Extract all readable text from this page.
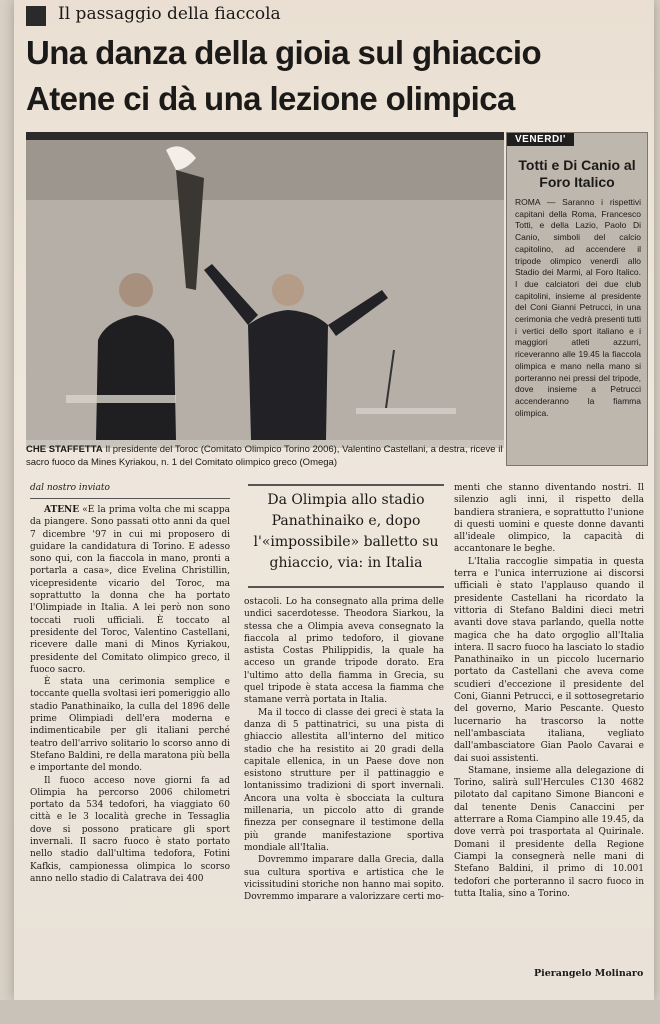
Il passaggio della fiaccola
Una danza della gioia sul ghiaccio
Atene ci dà una lezione olimpica
CHE STAFFETTA Il presidente del Toroc (Comitato Olimpico Torino 2006), Valentino Castellani, a destra, riceve il sacro fuoco da Mines Kyriakou, n. 1 del Comitato olimpico greco (Omega)
VENERDI'
Totti e Di Canio al Foro Italico
ROMA — Saranno i rispettivi capitani della Roma, Francesco Totti, e della Lazio, Paolo Di Canio, simboli del calcio capitolino, ad accendere il tripode olimpico venerdì allo Stadio dei Marmi, al Foro Italico. I due calciatori dei due club capitolini, insieme al presidente del Coni Gianni Petrucci, in una cerimonia che vedrà presenti tutti i vertici dello sport italiano e i maggiori atleti azzurri, riceveranno alle 19.45 la fiaccola olimpica e mano nella mano si porteranno nei pressi del tripode, dove insieme a Petrucci accenderanno la fiamma olimpica.
dal nostro inviato

ATENE «È la prima volta che mi scappa da piangere. Sono passati otto anni da quel 7 dicembre '97 in cui mi proposero di guidare la candidatura di Torino. E adesso sono qui, con la fiaccola in mano, pronti a portarla a casa», dice Evelina Christillin, vicepresidente vicario del Toroc, ma soprattutto la donna che ha portato l'Olimpiade in Italia. A lei però non sono toccati ruoli ufficiali. È toccato al presidente del Toroc, Valentino Castellani, ricevere dalle mani di Minos Kyriakou, presidente del Comitato olimpico greco, il fuoco sacro.

È stata una cerimonia semplice e toccante quella svoltasi ieri pomeriggio allo stadio Panathinaiko, la culla del 1896 delle prime Olimpiadi dell'era moderna e indimenticabile per gli italiani perché teatro dell'arrivo solitario lo scorso anno di Stefano Baldini, re della maratona più bella e importante del mondo.

Il fuoco acceso nove giorni fa ad Olimpia ha percorso 2006 chilometri portato da 534 tedofori, ha viaggiato 60 città e le 3 località greche in Tessaglia dove si possono praticare gli sport invernali. Il sacro fuoco è stato portato nello stadio dall'ultima tedofora, Fotini Kafkis, campionessa olimpica lo scorso anno nello stadio di Calatrava dei 400

Da Olimpia allo stadio Panathinaiko e, dopo l'«impossibile» balletto su ghiaccio, via: in Italia

ostacoli. Lo ha consegnato alla prima delle undici sacerdotesse. Theodora Siarkou, la stessa che a Olimpia aveva consegnato la fiaccola al primo tedoforo, il giovane astista Costas Philippidis, la quale ha acceso un grande tripode dorato. Era l'ultimo atto della fiamma in Grecia, su quel tripode è stata accesa la fiamma che stamane verrà portata in Italia.

Ma il tocco di classe dei greci è stata la danza di 5 pattinatrici, su una pista di ghiaccio allestita all'interno del mitico stadio che ha resistito ai 20 gradi della capitale ellenica, in un Paese dove non esistono strutture per il pattinaggio e lontanissimo tradizioni di sport invernali. Ancora una volta è sbocciata la cultura millenaria, un piccolo atto di grande finezza per consegnare il testimone della più grande manifestazione sportiva mondiale all'Italia.

Dovremmo imparare dalla Grecia, dalla sua cultura sportiva e artistica che le vicissitudini storiche non hanno mai sopito. Dovremmo imparare a valorizzare certi mo-

menti che stanno diventando nostri. Il silenzio agli inni, il rispetto della bandiera straniera, e soprattutto l'unione di questi uomini e queste donne davanti all'ideale olimpico, la capacità di accantonare le beghe.

L'Italia raccoglie simpatia in questa terra e l'unica interruzione ai discorsi ufficiali è stato l'applauso quando il presidente Castellani ha ricordato la vittoria di Stefano Baldini dieci metri avanti dove stava parlando, quella notte magica che ha dato orgoglio all'Italia intera. Il sacro fuoco ha lasciato lo stadio Panathinaiko in un piccolo lucernario portato da Castellani che aveva come scudieri d'eccezione il presidente del Coni, Gianni Petrucci, e il sottosegretario del governo, Mario Pescante. Questo lucernario ha trascorso la notte nell'ambasciata italiana, vegliato dall'ambasciatore Gian Paolo Cavarai e dai suoi assistenti.

Stamane, insieme alla delegazione di Torino, salirà sull'Hercules C130 4682 pilotato dal capitano Simone Bianconi e dal tenente Denis Canaccini per atterrare a Roma Ciampino alle 19.45, da dove verrà poi trasportata al Quirinale. Domani il presidente della Regione Ciampi la consegnerà nelle mani di Stefano Baldini, il primo di 10.001 tedofori che porteranno il sacro fuoco in tutta Italia, sino a Torino.

Pierangelo Molinaro
